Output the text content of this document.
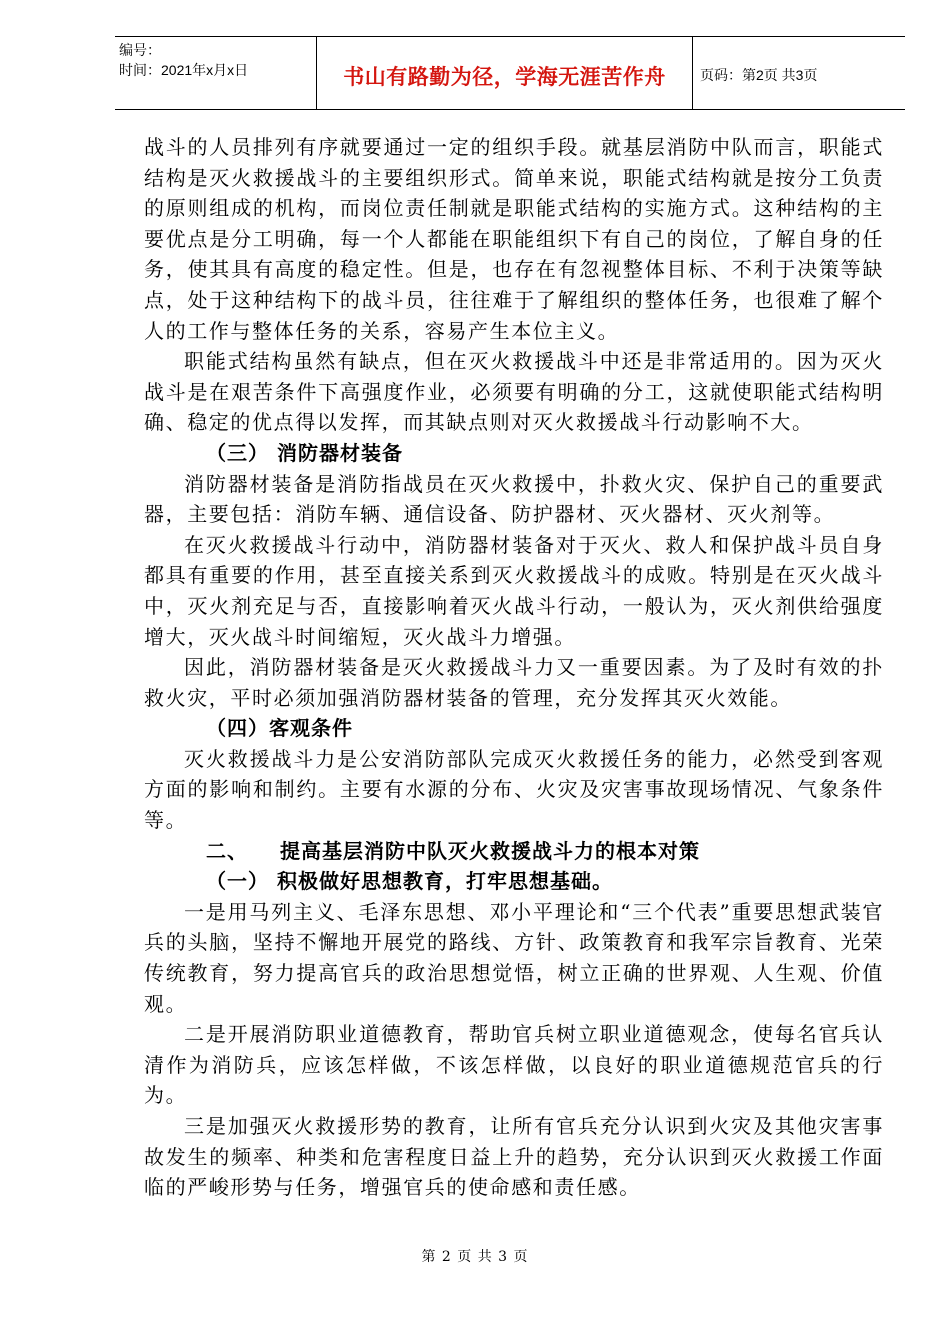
编号：
时间：2021年x月x日	书山有路勤为径，学海无涯苦作舟	页码：第2页 共3页

战斗的人员排列有序就要通过一定的组织手段。就基层消防中队而言，职能式结构是灭火救援战斗的主要组织形式。简单来说，职能式结构就是按分工负责的原则组成的机构，而岗位责任制就是职能式结构的实施方式。这种结构的主要优点是分工明确，每一个人都能在职能组织下有自己的岗位，了解自身的任务，使其具有高度的稳定性。但是，也存在有忽视整体目标、不利于决策等缺点，处于这种结构下的战斗员，往往难于了解组织的整体任务，也很难了解个人的工作与整体任务的关系，容易产生本位主义。

职能式结构虽然有缺点，但在灭火救援战斗中还是非常适用的。因为灭火战斗是在艰苦条件下高强度作业，必须要有明确的分工，这就使职能式结构明确、稳定的优点得以发挥，而其缺点则对灭火救援战斗行动影响不大。

（三） 消防器材装备

消防器材装备是消防指战员在灭火救援中，扑救火灾、保护自己的重要武器，主要包括：消防车辆、通信设备、防护器材、灭火器材、灭火剂等。

在灭火救援战斗行动中，消防器材装备对于灭火、救人和保护战斗员自身都具有重要的作用，甚至直接关系到灭火救援战斗的成败。特别是在灭火战斗中，灭火剂充足与否，直接影响着灭火战斗行动，一般认为，灭火剂供给强度增大，灭火战斗时间缩短，灭火战斗力增强。

因此，消防器材装备是灭火救援战斗力又一重要因素。为了及时有效的扑救火灾，平时必须加强消防器材装备的管理，充分发挥其灭火效能。

（四）客观条件

灭火救援战斗力是公安消防部队完成灭火救援任务的能力，必然受到客观方面的影响和制约。主要有水源的分布、火灾及灾害事故现场情况、气象条件等。

二、 提高基层消防中队灭火救援战斗力的根本对策

（一） 积极做好思想教育，打牢思想基础。

一是用马列主义、毛泽东思想、邓小平理论和“三个代表”重要思想武装官兵的头脑，坚持不懈地开展党的路线、方针、政策教育和我军宗旨教育、光荣传统教育，努力提高官兵的政治思想觉悟，树立正确的世界观、人生观、价值观。

二是开展消防职业道德教育，帮助官兵树立职业道德观念，使每名官兵认清作为消防兵，应该怎样做，不该怎样做，以良好的职业道德规范官兵的行为。

三是加强灭火救援形势的教育，让所有官兵充分认识到火灾及其他灾害事故发生的频率、种类和危害程度日益上升的趋势，充分认识到灭火救援工作面临的严峻形势与任务，增强官兵的使命感和责任感。

第 2 页 共 3 页
